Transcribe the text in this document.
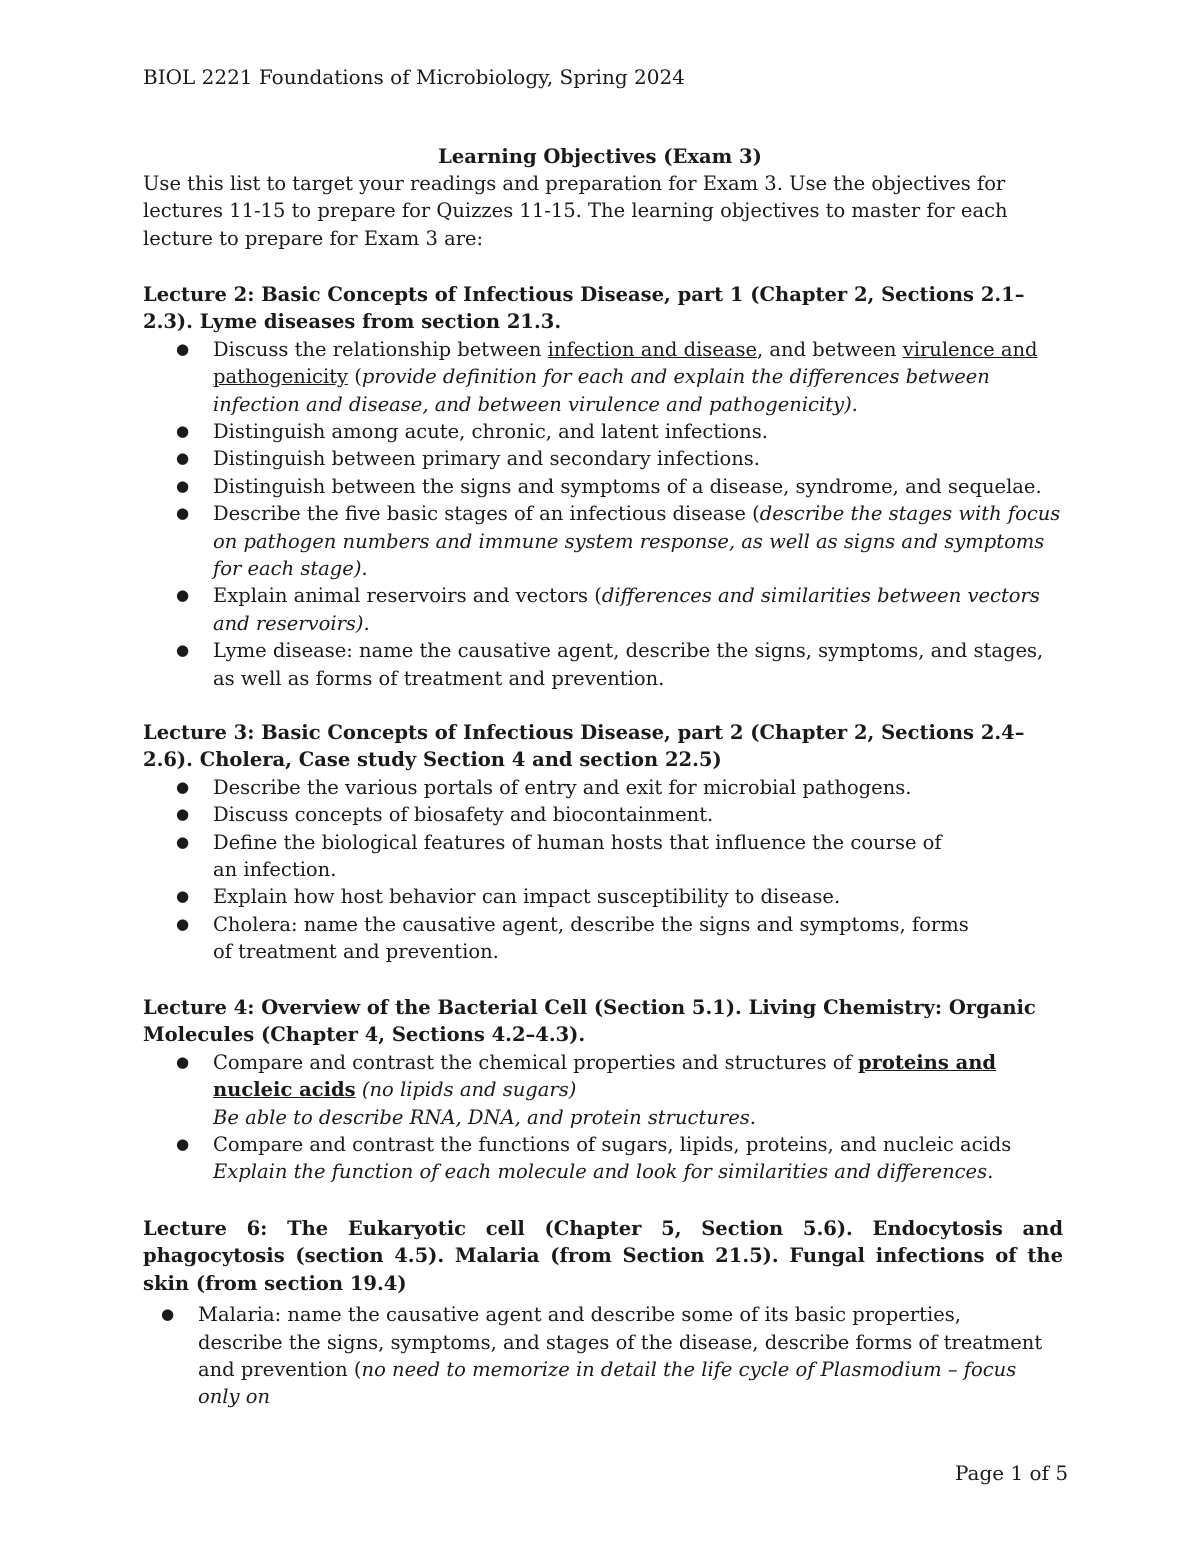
BIOL 2221 Foundations of Microbiology, Spring 2024
Learning Objectives (Exam 3)
Use this list to target your readings and preparation for Exam 3. Use the objectives for lectures 11-15 to prepare for Quizzes 11-15. The learning objectives to master for each lecture to prepare for Exam 3 are:

Lecture 2: Basic Concepts of Infectious Disease, part 1 (Chapter 2, Sections 2.1–2.3). Lyme diseases from section 21.3.

● Discuss the relationship between infection and disease, and between virulence and pathogenicity (provide definition for each and explain the differences between infection and disease, and between virulence and pathogenicity).
● Distinguish among acute, chronic, and latent infections.
● Distinguish between primary and secondary infections.
● Distinguish between the signs and symptoms of a disease, syndrome, and sequelae.
● Describe the five basic stages of an infectious disease (describe the stages with focus on pathogen numbers and immune system response, as well as signs and symptoms for each stage).
● Explain animal reservoirs and vectors (differences and similarities between vectors and reservoirs).
● Lyme disease: name the causative agent, describe the signs, symptoms, and stages, as well as forms of treatment and prevention.

Lecture 3: Basic Concepts of Infectious Disease, part 2 (Chapter 2, Sections 2.4–2.6). Cholera, Case study Section 4 and section 22.5)

● Describe the various portals of entry and exit for microbial pathogens.
● Discuss concepts of biosafety and biocontainment.
● Define the biological features of human hosts that influence the course of
an infection.
● Explain how host behavior can impact susceptibility to disease.
● Cholera: name the causative agent, describe the signs and symptoms, forms
of treatment and prevention.

Lecture 4: Overview of the Bacterial Cell (Section 5.1). Living Chemistry: Organic Molecules (Chapter 4, Sections 4.2–4.3).

● Compare and contrast the chemical properties and structures of proteins and nucleic acids (no lipids and sugars)
Be able to describe RNA, DNA, and protein structures.
● Compare and contrast the functions of sugars, lipids, proteins, and nucleic acids
Explain the function of each molecule and look for similarities and differences.

Lecture 6: The Eukaryotic cell (Chapter 5, Section 5.6). Endocytosis and phagocytosis (section 4.5). Malaria (from Section 21.5). Fungal infections of the skin (from section 19.4)

● Malaria: name the causative agent and describe some of its basic properties,
describe the signs, symptoms, and stages of the disease, describe forms of treatment
and prevention (no need to memorize in detail the life cycle of Plasmodium – focus
only on
Page 1 of 5
